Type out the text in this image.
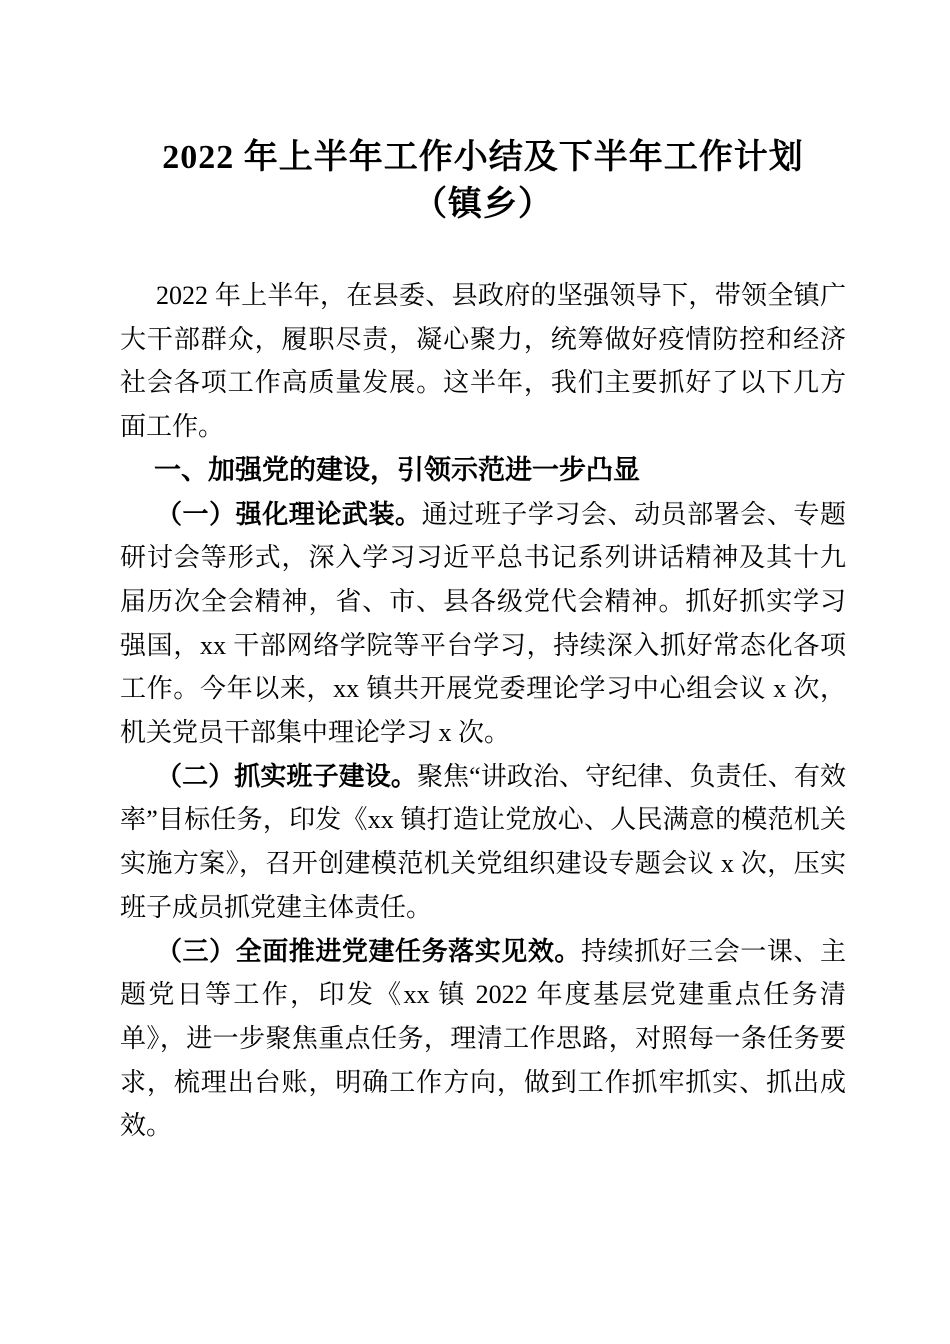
2022 年上半年工作小结及下半年工作计划
（镇乡）

2022 年上半年，在县委、县政府的坚强领导下，带领全镇广大干部群众，履职尽责，凝心聚力，统筹做好疫情防控和经济社会各项工作高质量发展。这半年，我们主要抓好了以下几方面工作。

一、加强党的建设，引领示范进一步凸显

（一）强化理论武装。通过班子学习会、动员部署会、专题研讨会等形式，深入学习习近平总书记系列讲话精神及其十九届历次全会精神，省、市、县各级党代会精神。抓好抓实学习强国，xx 干部网络学院等平台学习，持续深入抓好常态化各项工作。今年以来，xx 镇共开展党委理论学习中心组会议 x 次，机关党员干部集中理论学习 x 次。

（二）抓实班子建设。聚焦“讲政治、守纪律、负责任、有效率”目标任务，印发《xx 镇打造让党放心、人民满意的模范机关实施方案》，召开创建模范机关党组织建设专题会议 x 次，压实班子成员抓党建主体责任。

（三）全面推进党建任务落实见效。持续抓好三会一课、主题党日等工作，印发《xx 镇 2022 年度基层党建重点任务清单》，进一步聚焦重点任务，理清工作思路，对照每一条任务要求，梳理出台账，明确工作方向，做到工作抓牢抓实、抓出成效。
